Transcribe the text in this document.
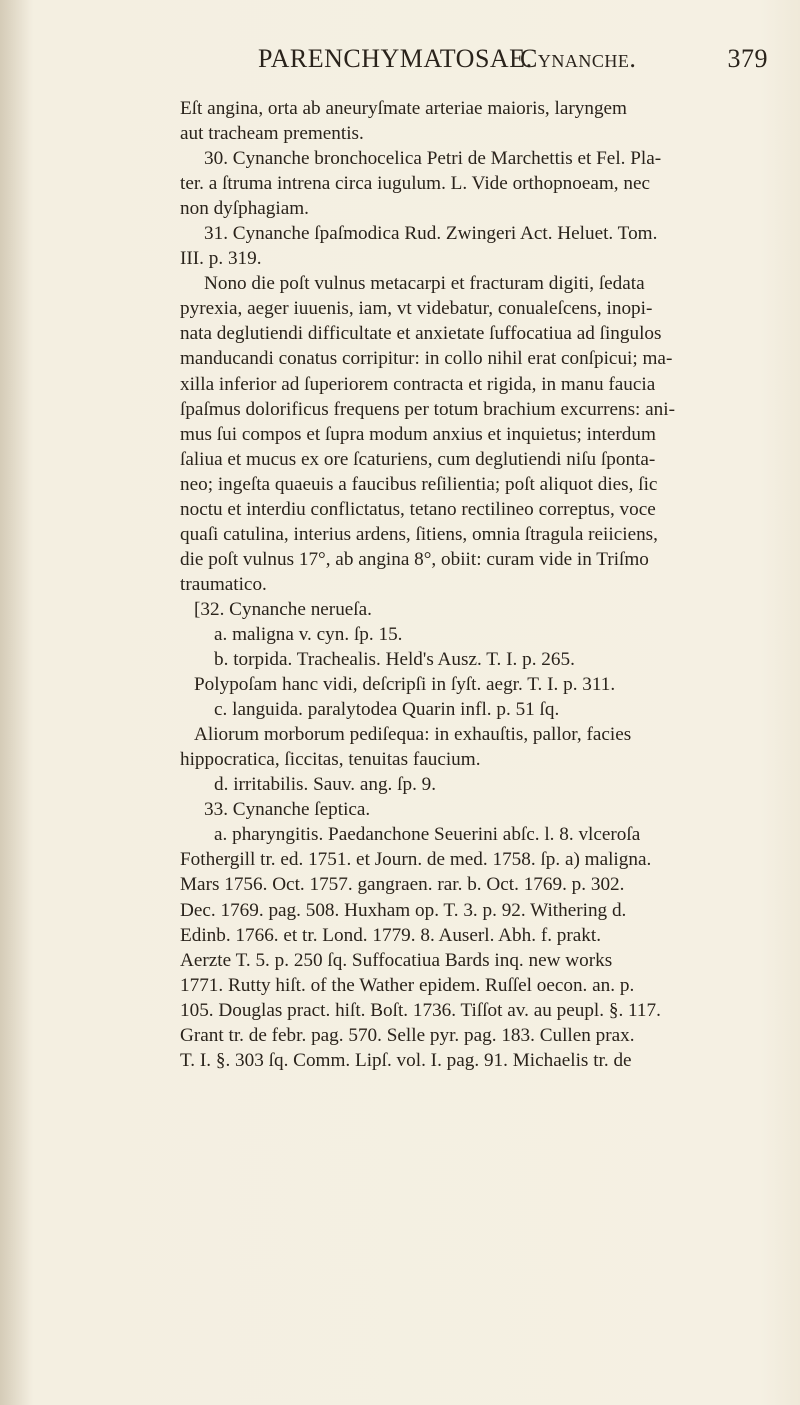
PARENCHYMATOSAE.
Cynanche.	379
Eſt angina, orta ab aneuryſmate arteriae maioris, laryngem
aut tracheam prementis.
30. Cynanche bronchocelica Petri de Marchettis et Fel. Pla-
ter. a ſtruma intrena circa iugulum. L. Vide orthopnoeam, nec
non dyſphagiam.
31. Cynanche ſpaſmodica Rud. Zwingeri Act. Heluet. Tom.
III. p. 319.
Nono die poſt vulnus metacarpi et fracturam digiti, ſedata
pyrexia, aeger iuuenis, iam, vt videbatur, conualeſcens, inopi-
nata deglutiendi difficultate et anxietate ſuffocatiua ad ſingulos
manducandi conatus corripitur: in collo nihil erat conſpicui; ma-
xilla inferior ad ſuperiorem contracta et rigida, in manu faucia
ſpaſmus dolorificus frequens per totum brachium excurrens: ani-
mus ſui compos et ſupra modum anxius et inquietus; interdum
ſaliua et mucus ex ore ſcaturiens, cum deglutiendi niſu ſponta-
neo; ingeſta quaeuis a faucibus reſilientia; poſt aliquot dies, ſic
noctu et interdiu conflictatus, tetano rectilineo correptus, voce
quaſi catulina, interius ardens, ſitiens, omnia ſtragula reiiciens,
die poſt vulnus 17°, ab angina 8°, obiit: curam vide in Triſmo
traumatico.
[32. Cynanche nerueſa.
a. maligna v. cyn. ſp. 15.
b. torpida. Trachealis. Held's Ausz. T. I. p. 265.
Polypoſam hanc vidi, deſcripſi in ſyſt. aegr. T. I. p. 311.
c. languida. paralytodea Quarin infl. p. 51 ſq.
Aliorum morborum pediſequa: in exhauſtis, pallor, facies
hippocratica, ſiccitas, tenuitas faucium.
d. irritabilis. Sauv. ang. ſp. 9.
33. Cynanche ſeptica.
a. pharyngitis. Paedanchone Seuerini abſc. l. 8. vlceroſa
Fothergill tr. ed. 1751. et Journ. de med. 1758. ſp. a) maligna.
Mars 1756. Oct. 1757. gangraen. rar. b. Oct. 1769. p. 302.
Dec. 1769. pag. 508. Huxham op. T. 3. p. 92. Withering d.
Edinb. 1766. et tr. Lond. 1779. 8. Auserl. Abh. f. prakt.
Aerzte T. 5. p. 250 ſq. Suffocatiua Bards inq. new works
1771. Rutty hiſt. of the Wather epidem. Ruſſel oecon. an. p.
105. Douglas pract. hiſt. Boſt. 1736. Tiſſot av. au peupl. §. 117.
Grant tr. de febr. pag. 570. Selle pyr. pag. 183. Cullen prax.
T. I. §. 303 ſq. Comm. Lipſ. vol. I. pag. 91. Michaelis tr. de
